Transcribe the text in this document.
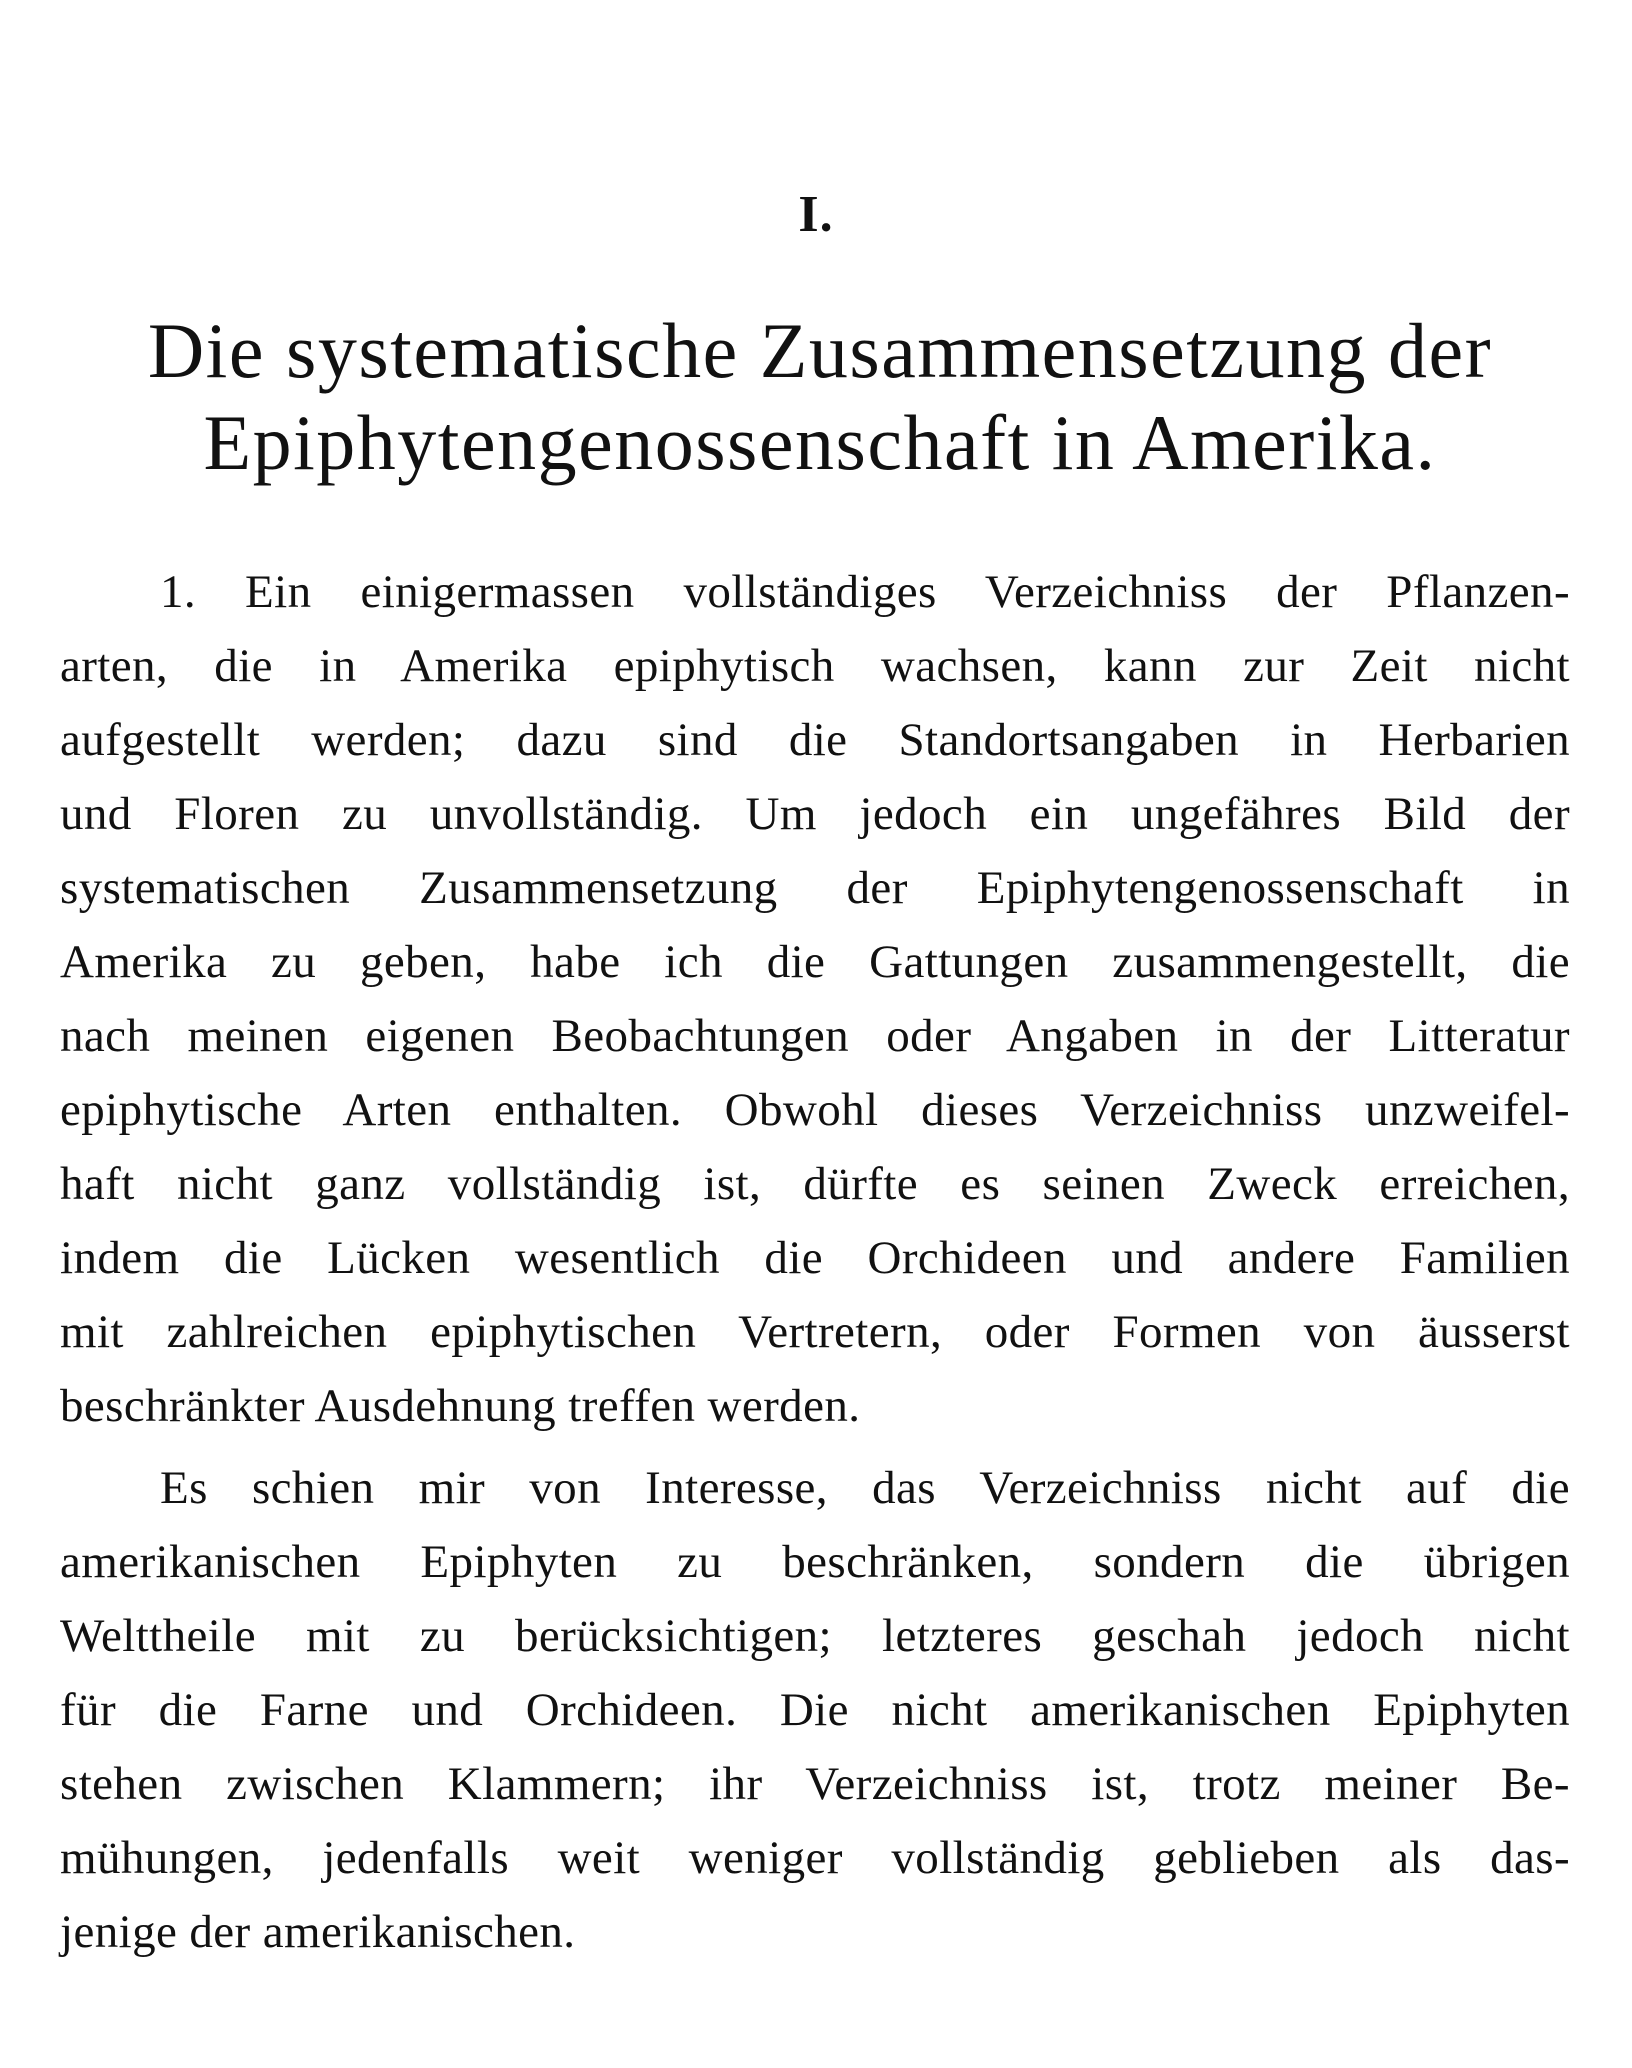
I.
Die systematische Zusammensetzung der
Epiphytengenossenschaft in Amerika.
1. Ein einigermassen vollständiges Verzeichniss der Pflanzen-
arten, die in Amerika epiphytisch wachsen, kann zur Zeit nicht
aufgestellt werden; dazu sind die Standortsangaben in Herbarien
und Floren zu unvollständig. Um jedoch ein ungefähres Bild der
systematischen Zusammensetzung der Epiphytengenossenschaft in
Amerika zu geben, habe ich die Gattungen zusammengestellt, die
nach meinen eigenen Beobachtungen oder Angaben in der Litteratur
epiphytische Arten enthalten. Obwohl dieses Verzeichniss unzweifel-
haft nicht ganz vollständig ist, dürfte es seinen Zweck erreichen,
indem die Lücken wesentlich die Orchideen und andere Familien
mit zahlreichen epiphytischen Vertretern, oder Formen von äusserst
beschränkter Ausdehnung treffen werden.
Es schien mir von Interesse, das Verzeichniss nicht auf die
amerikanischen Epiphyten zu beschränken, sondern die übrigen
Welttheile mit zu berücksichtigen; letzteres geschah jedoch nicht
für die Farne und Orchideen. Die nicht amerikanischen Epiphyten
stehen zwischen Klammern; ihr Verzeichniss ist, trotz meiner Be-
mühungen, jedenfalls weit weniger vollständig geblieben als das-
jenige der amerikanischen.
